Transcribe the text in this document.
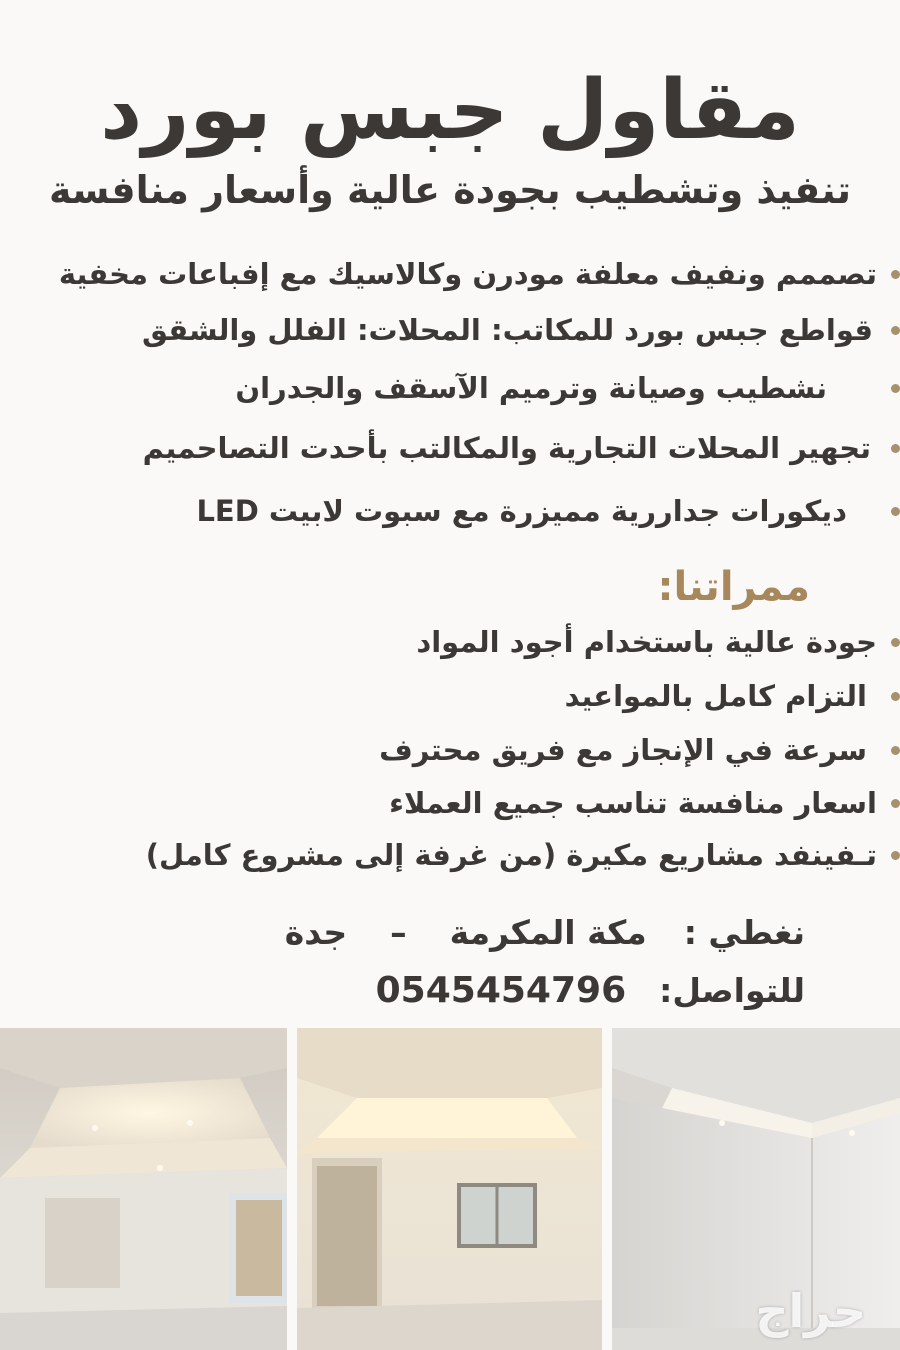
مقاول جبس بورد
تنفيذ وتشطيب بجودة عالية وأسعار منافسة
تصممم ونفيف معلفة مودرن وكالاسيك مع إفباعات مخفية
قواطع جبس بورد للمكاتب: المحلات: الفلل والشقق
نشطيب وصيانة وترميم الآسقف والجدران
تجهير المحلات التجارية والمكالتب بأحدت التصاحميم
ديكورات جداررية مميزرة مع سبوت لابيت LED
ممراتنا:
جودة عالية باستخدام أجود المواد
التزام كامل بالمواعيد
سرعة في الإنجاز مع فريق محترف
اسعار منافسة تناسب جميع العملاء
تـفينفد مشاريع مكيرة (من غرفة إلى مشروع كامل)
نغطي :  مكة المكرمة  –  جدة
للتواصل:  0545454796
حراج
